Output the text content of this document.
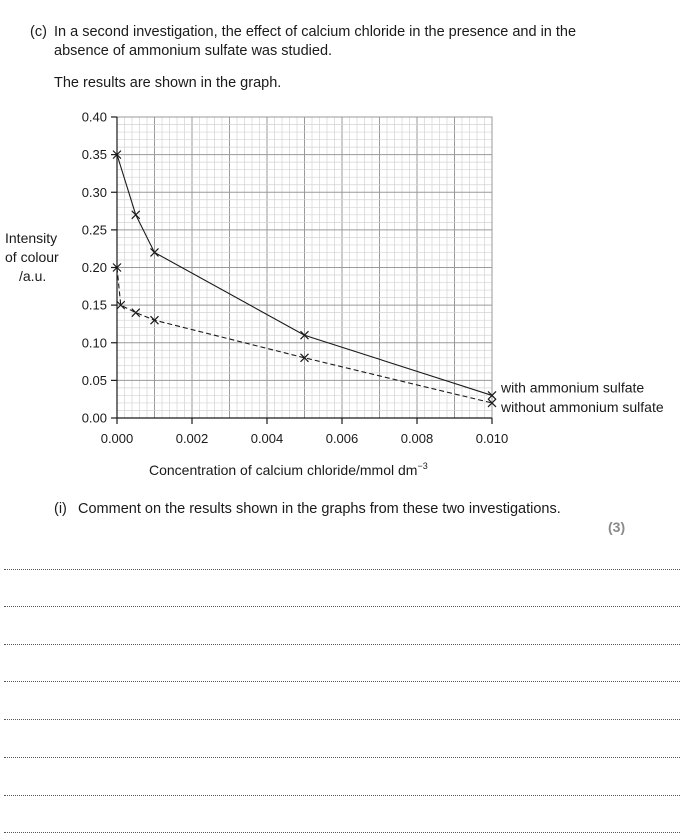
(c) In a second investigation, the effect of calcium chloride in the presence and in the
absence of ammonium sulfate was studied.
The results are shown in the graph.
0.00
0.05
0.10
0.15
0.20
0.25
0.30
0.35
0.40
0.000	0.002	0.004	0.006	0.008	0.010
with ammonium sulfate
without ammonium sulfate
Intensity
of colour
/a.u.
Concentration of calcium chloride/mmol $dm^{-3}$
(i) Comment on the results shown in the graphs from these two investigations.
(3)
